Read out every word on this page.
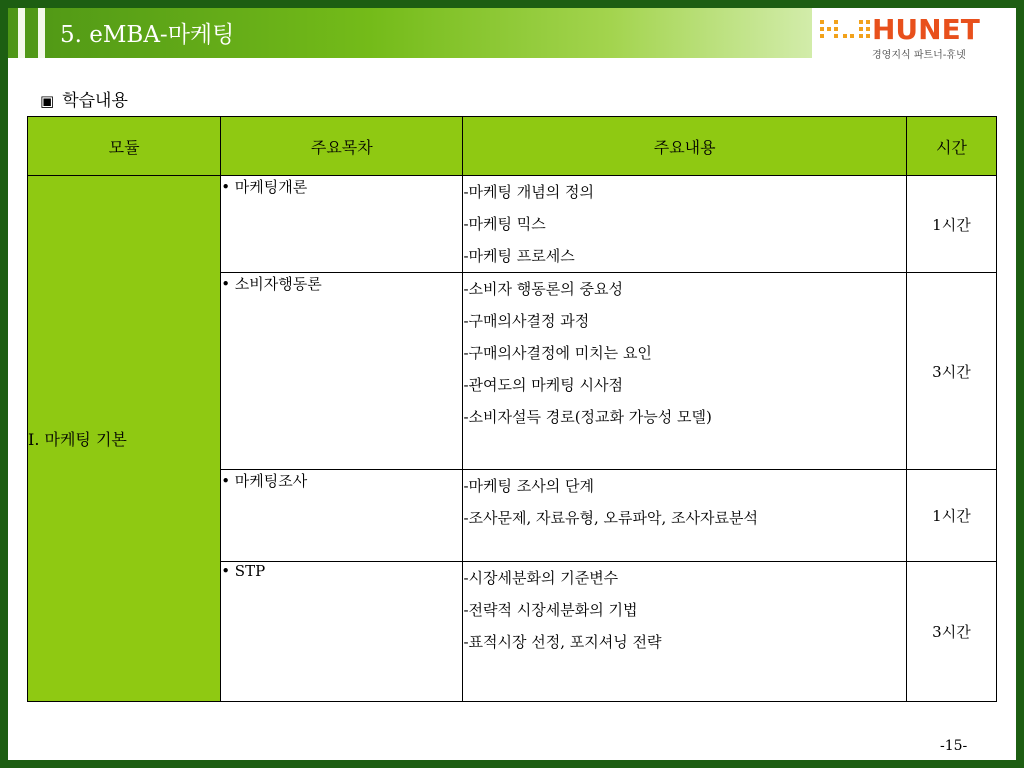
5. eMBA-마케팅	HUNET
경영지식 파트너-휴넷
▣ 학습내용
모듈	주요목차	주요내용	시간
Ⅰ. 마케팅 기본	• 마케팅개론	-마케팅 개념의 정의
-마케팅 믹스
-마케팅 프로세스	1시간
	• 소비자행동론	-소비자 행동론의 중요성
-구매의사결정 과정
-구매의사결정에 미치는 요인
-관여도의 마케팅 시사점
-소비자설득 경로(정교화 가능성 모델)	3시간
	• 마케팅조사	-마케팅 조사의 단계
-조사문제, 자료유형, 오류파악, 조사자료분석	1시간
	• STP	-시장세분화의 기준변수
-전략적 시장세분화의 기법
-표적시장 선정, 포지셔닝 전략	3시간
-15-
